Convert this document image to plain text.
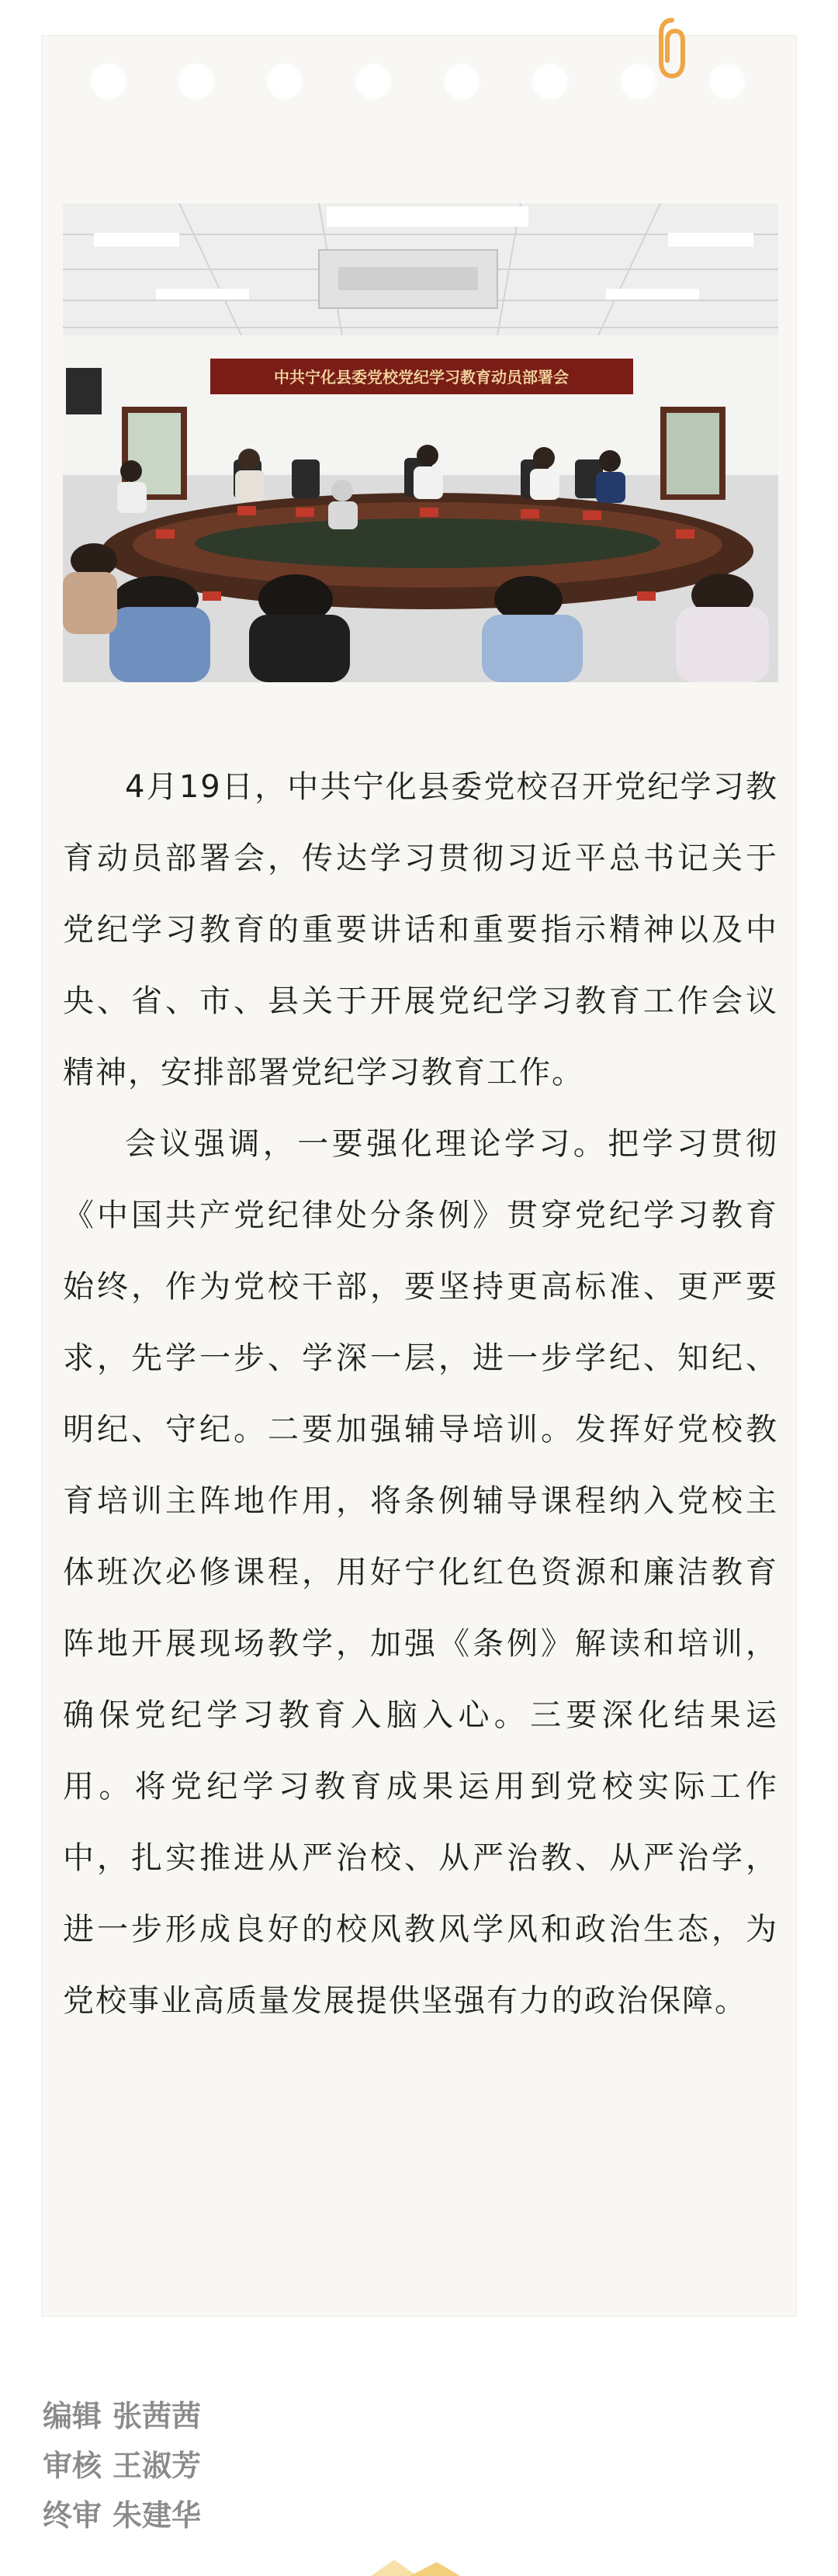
中共宁化县委党校党纪学习教育动员部署会

4月19日，中共宁化县委党校召开党纪学习教育动员部署会，传达学习贯彻习近平总书记关于党纪学习教育的重要讲话和重要指示精神以及中央、省、市、县关于开展党纪学习教育工作会议精神，安排部署党纪学习教育工作。

会议强调，一要强化理论学习。把学习贯彻《中国共产党纪律处分条例》贯穿党纪学习教育始终，作为党校干部，要坚持更高标准、更严要求，先学一步、学深一层，进一步学纪、知纪、明纪、守纪。二要加强辅导培训。发挥好党校教育培训主阵地作用，将条例辅导课程纳入党校主体班次必修课程，用好宁化红色资源和廉洁教育阵地开展现场教学，加强《条例》解读和培训，确保党纪学习教育入脑入心。三要深化结果运用。将党纪学习教育成果运用到党校实际工作中，扎实推进从严治校、从严治教、从严治学，进一步形成良好的校风教风学风和政治生态，为党校事业高质量发展提供坚强有力的政治保障。

编辑 张茜茜
审核 王淑芳
终审 朱建华
